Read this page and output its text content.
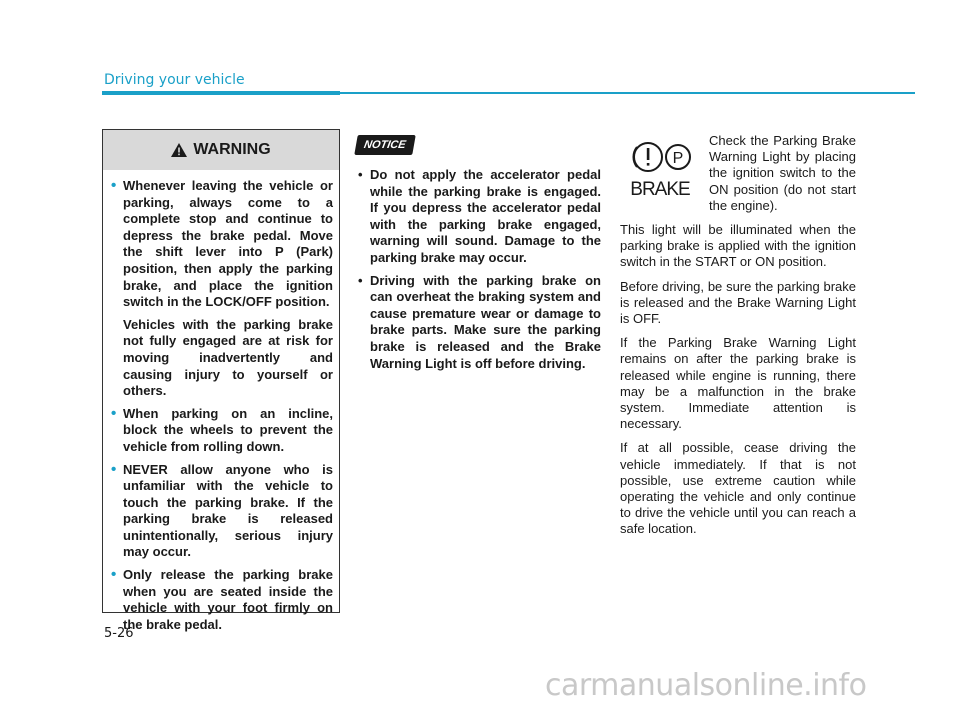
Driving your vehicle
WARNING
• Whenever leaving the vehicle or parking, always come to a complete stop and continue to depress the brake pedal. Move the shift lever into P (Park) position, then apply the parking brake, and place the ignition switch in the LOCK/OFF position.

Vehicles with the parking brake not fully engaged are at risk for moving inadvertently and causing injury to yourself or others.

• When parking on an incline, block the wheels to prevent the vehicle from rolling down.
• NEVER allow anyone who is unfamiliar with the vehicle to touch the parking brake. If the parking brake is released unintentionally, serious injury may occur.
• Only release the parking brake when you are seated inside the vehicle with your foot firmly on the brake pedal.
NOTICE
• Do not apply the accelerator pedal while the parking brake is engaged. If you depress the accelerator pedal with the parking brake engaged, warning will sound. Damage to the parking brake may occur.
• Driving with the parking brake on can overheat the braking system and cause premature wear or damage to brake parts. Make sure the parking brake is released and the Brake Warning Light is off before driving.
P
BRAKE

Check the Parking Brake Warning Light by placing the ignition switch to the ON position (do not start the engine).

This light will be illuminated when the parking brake is applied with the ignition switch in the START or ON position.

Before driving, be sure the parking brake is released and the Brake Warning Light is OFF.

If the Parking Brake Warning Light remains on after the parking brake is released while engine is running, there may be a malfunction in the brake system. Immediate attention is necessary.

If at all possible, cease driving the vehicle immediately. If that is not possible, use extreme caution while operating the vehicle and only continue to drive the vehicle until you can reach a safe location.

5-26
carmanualsonline.info
